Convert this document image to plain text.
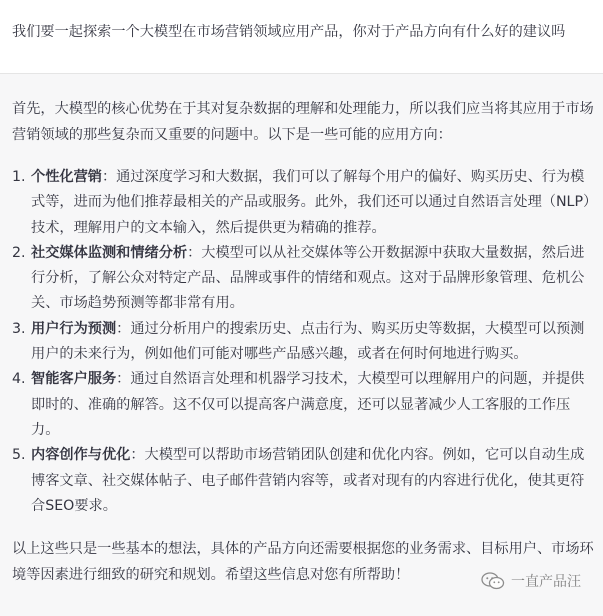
我们要一起探索一个大模型在市场营销领域应用产品，你对于产品方向有什么好的建议吗

首先，大模型的核心优势在于其对复杂数据的理解和处理能力，所以我们应当将其应用于市场营销领域的那些复杂而又重要的问题中。以下是一些可能的应用方向：

1. 个性化营销：通过深度学习和大数据，我们可以了解每个用户的偏好、购买历史、行为模式等，进而为他们推荐最相关的产品或服务。此外，我们还可以通过自然语言处理（NLP）技术，理解用户的文本输入，然后提供更为精确的推荐。
2. 社交媒体监测和情绪分析：大模型可以从社交媒体等公开数据源中获取大量数据，然后进行分析，了解公众对特定产品、品牌或事件的情绪和观点。这对于品牌形象管理、危机公关、市场趋势预测等都非常有用。
3. 用户行为预测：通过分析用户的搜索历史、点击行为、购买历史等数据，大模型可以预测用户的未来行为，例如他们可能对哪些产品感兴趣，或者在何时何地进行购买。
4. 智能客户服务：通过自然语言处理和机器学习技术，大模型可以理解用户的问题，并提供即时的、准确的解答。这不仅可以提高客户满意度，还可以显著减少人工客服的工作压力。
5. 内容创作与优化：大模型可以帮助市场营销团队创建和优化内容。例如，它可以自动生成博客文章、社交媒体帖子、电子邮件营销内容等，或者对现有的内容进行优化，使其更符合SEO要求。

以上这些只是一些基本的想法，具体的产品方向还需要根据您的业务需求、目标用户、市场环境等因素进行细致的研究和规划。希望这些信息对您有所帮助！	一直产品汪
